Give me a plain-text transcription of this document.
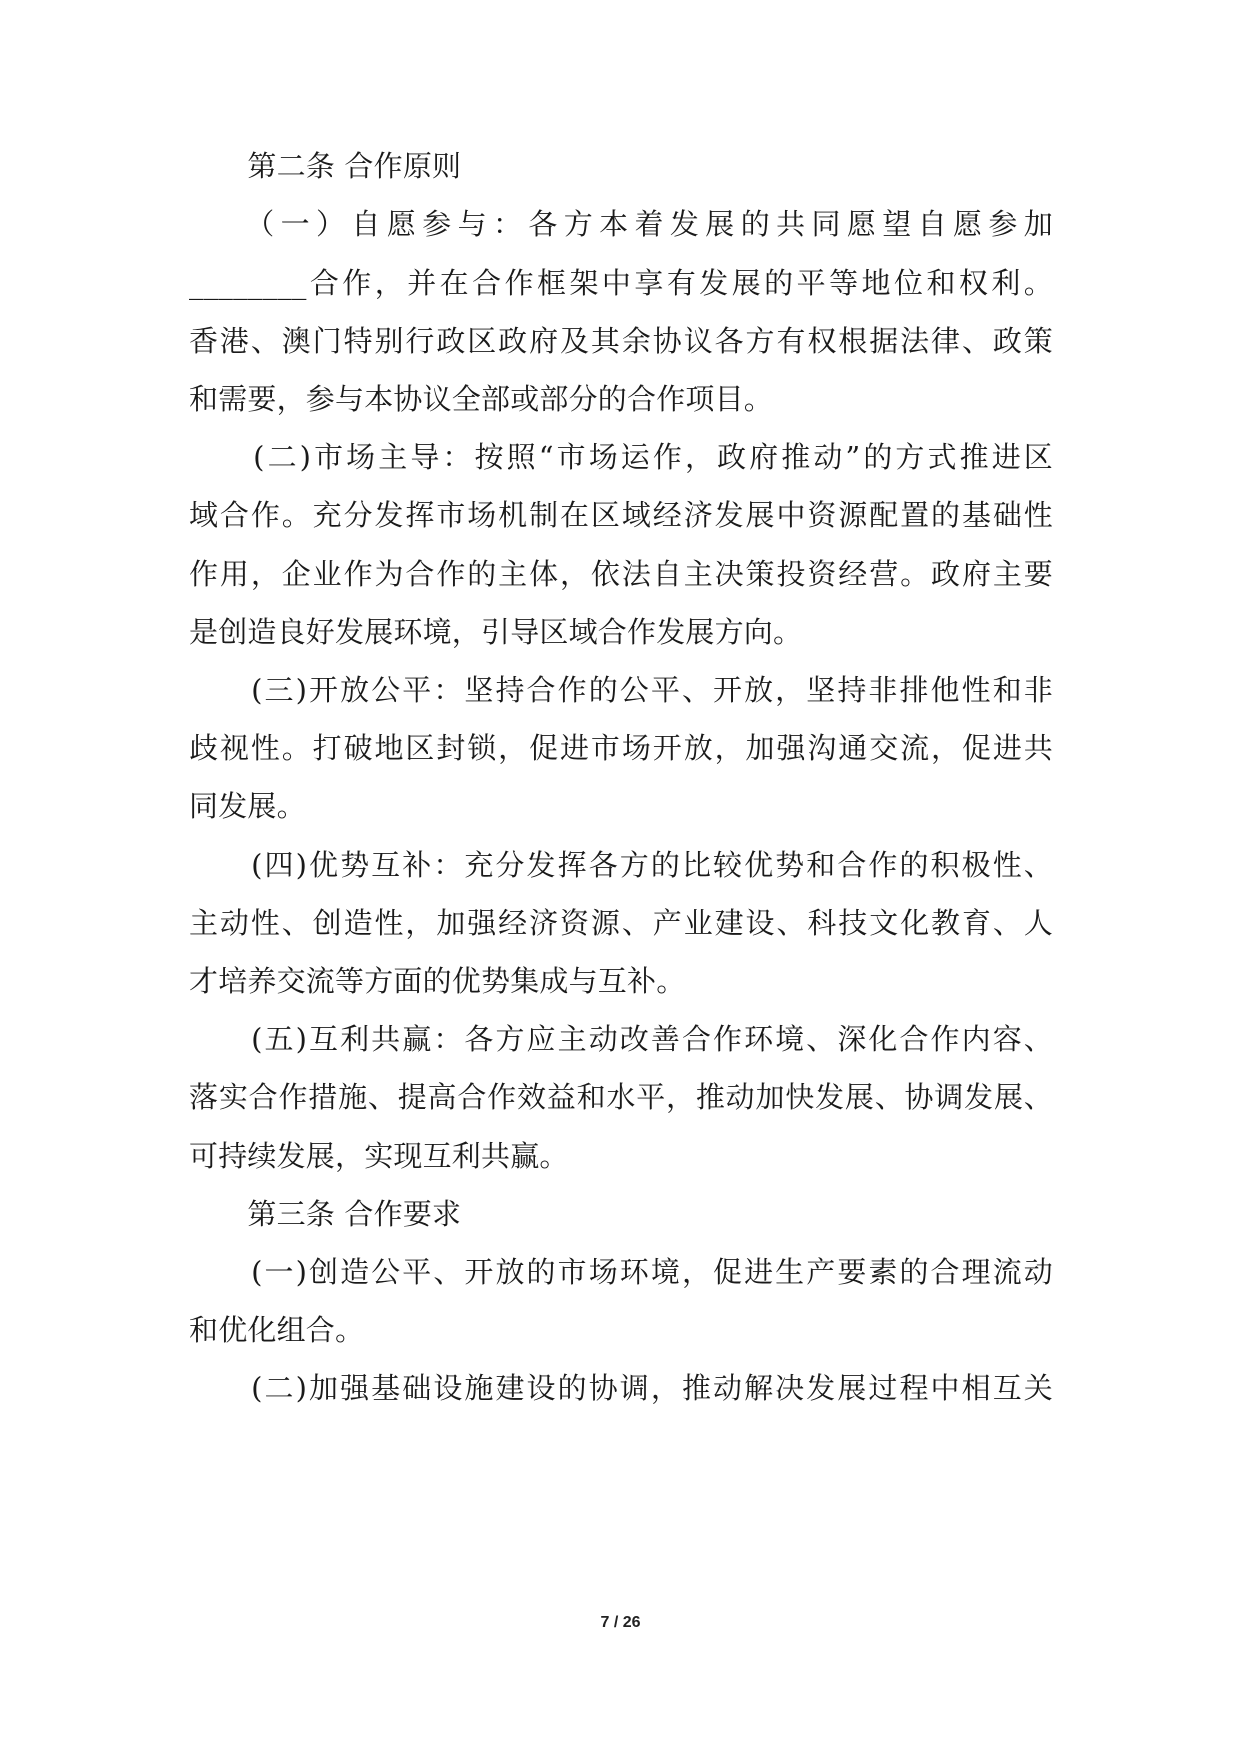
　　第二条 合作原则
　　（一）自愿参与：各方本着发展的共同愿望自愿参加
________合作，并在合作框架中享有发展的平等地位和权利。
香港、澳门特别行政区政府及其余协议各方有权根据法律、政策
和需要，参与本协议全部或部分的合作项目。
　　(二)市场主导：按照“市场运作，政府推动”的方式推进区
域合作。充分发挥市场机制在区域经济发展中资源配置的基础性
作用，企业作为合作的主体，依法自主决策投资经营。政府主要
是创造良好发展环境，引导区域合作发展方向。
　　(三)开放公平：坚持合作的公平、开放，坚持非排他性和非
歧视性。打破地区封锁，促进市场开放，加强沟通交流，促进共
同发展。
　　(四)优势互补：充分发挥各方的比较优势和合作的积极性、
主动性、创造性，加强经济资源、产业建设、科技文化教育、人
才培养交流等方面的优势集成与互补。
　　(五)互利共赢：各方应主动改善合作环境、深化合作内容、
落实合作措施、提高合作效益和水平，推动加快发展、协调发展、
可持续发展，实现互利共赢。
　　第三条 合作要求
　　(一)创造公平、开放的市场环境，促进生产要素的合理流动
和优化组合。
　　(二)加强基础设施建设的协调，推动解决发展过程中相互关
7 / 26
